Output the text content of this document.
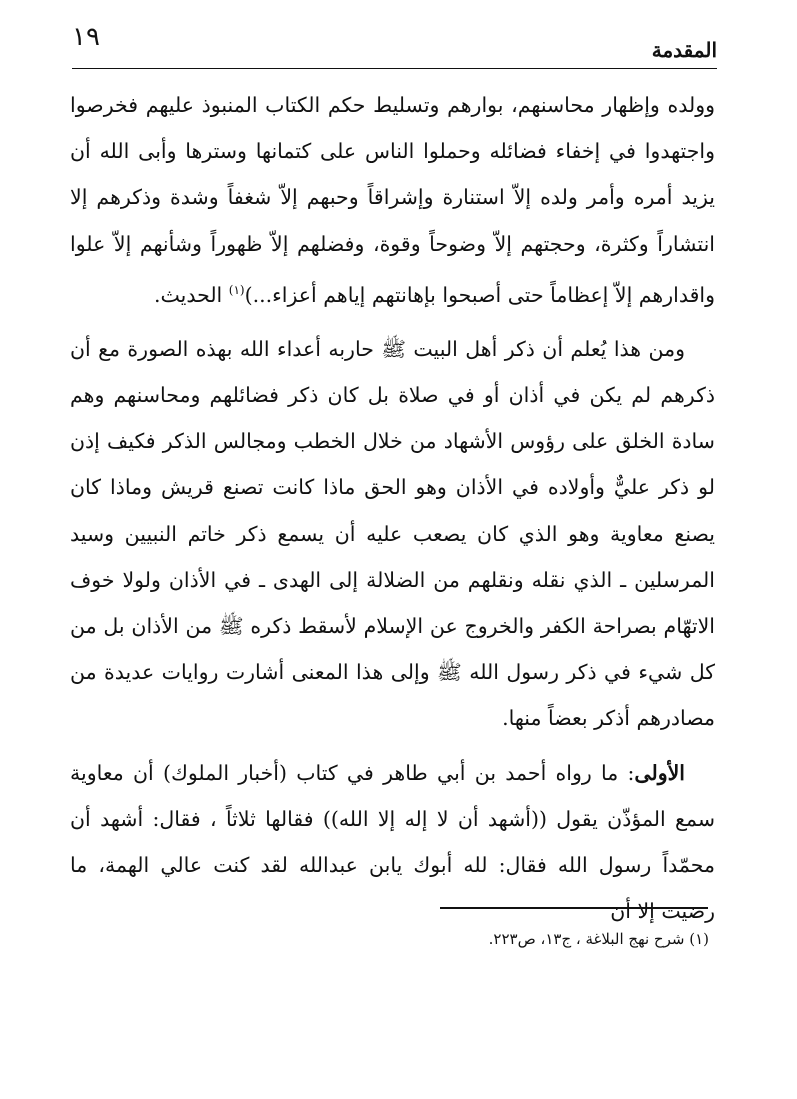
١٩	المقدمة

وولده وإظهار محاسنهم، بوارهم وتسليط حكم الكتاب المنبوذ عليهم فخرصوا واجتهدوا في إخفاء فضائله وحملوا الناس على كتمانها وسترها وأبى الله أن يزيد أمره وأمر ولده إلاّ استنارة وإشراقاً وحبهم إلاّ شغفاً وشدة وذكرهم إلا انتشاراً وكثرة، وحجتهم إلاّ وضوحاً وقوة، وفضلهم إلاّ ظهوراً وشأنهم إلاّ علوا واقدارهم إلاّ إعظاماً حتى أصبحوا بإهانتهم إياهم أعزاء...)$^{(١)}$ الحديث.

ومن هذا يُعلم أن ذكر أهل البيت ﷺ حاربه أعداء الله بهذه الصورة مع أن ذكرهم لم يكن في أذان أو في صلاة بل كان ذكر فضائلهم ومحاسنهم وهم سادة الخلق على رؤوس الأشهاد من خلال الخطب ومجالس الذكر فكيف إذن لو ذكر عليٌّ وأولاده في الأذان وهو الحق ماذا كانت تصنع قريش وماذا كان يصنع معاوية وهو الذي كان يصعب عليه أن يسمع ذكر خاتم النبيين وسيد المرسلين ـ الذي نقله ونقلهم من الضلالة إلى الهدى ـ في الأذان ولولا خوف الاتهّام بصراحة الكفر والخروج عن الإسلام لأسقط ذكره ﷺ من الأذان بل من كل شيء في ذكر رسول الله ﷺ وإلى هذا المعنى أشارت روايات عديدة من مصادرهم أذكر بعضاً منها.

الأولى: ما رواه أحمد بن أبي طاهر في كتاب (أخبار الملوك) أن معاوية سمع المؤذّن يقول ((أشهد أن لا إله إلا الله)) فقالها ثلاثاً ، فقال: أشهد أن محمّداً رسول الله فقال: لله أبوك يابن عبدالله لقد كنت عالي الهمة، ما رضيت إلا أن

(١) شرح نهج البلاغة ، ج١٣، ص٢٢٣.
